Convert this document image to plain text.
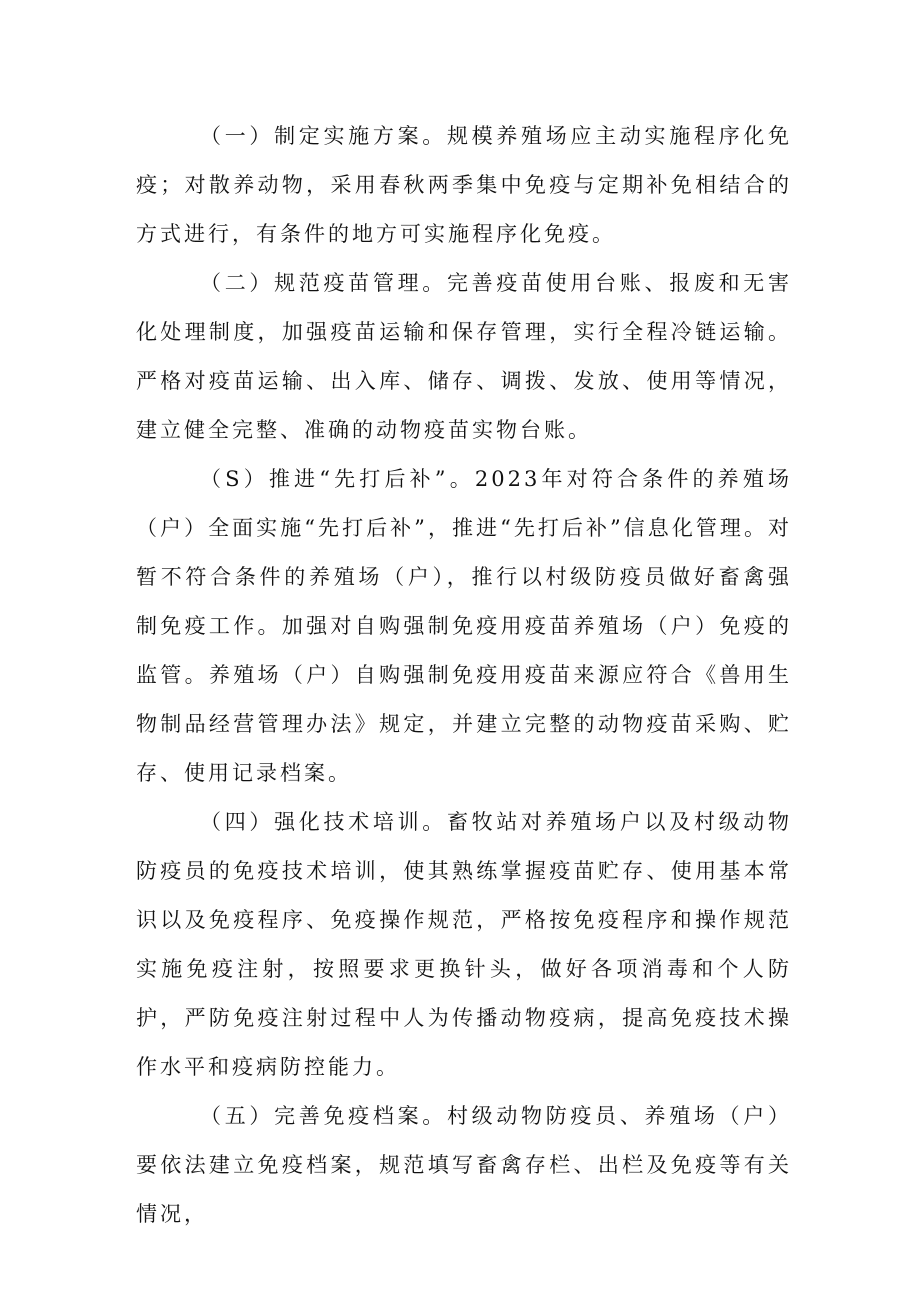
（一）制定实施方案。规模养殖场应主动实施程序化免疫；对散养动物，采用春秋两季集中免疫与定期补免相结合的方式进行，有条件的地方可实施程序化免疫。

（二）规范疫苗管理。完善疫苗使用台账、报废和无害化处理制度，加强疫苗运输和保存管理，实行全程冷链运输。严格对疫苗运输、出入库、储存、调拨、发放、使用等情况，建立健全完整、准确的动物疫苗实物台账。

（S）推进“先打后补”。2023年对符合条件的养殖场（户）全面实施“先打后补”，推进“先打后补”信息化管理。对暂不符合条件的养殖场（户），推行以村级防疫员做好畜禽强制免疫工作。加强对自购强制免疫用疫苗养殖场（户）免疫的监管。养殖场（户）自购强制免疫用疫苗来源应符合《兽用生物制品经营管理办法》规定，并建立完整的动物疫苗采购、贮存、使用记录档案。

（四）强化技术培训。畜牧站对养殖场户以及村级动物防疫员的免疫技术培训，使其熟练掌握疫苗贮存、使用基本常识以及免疫程序、免疫操作规范，严格按免疫程序和操作规范实施免疫注射，按照要求更换针头，做好各项消毒和个人防护，严防免疫注射过程中人为传播动物疫病，提高免疫技术操作水平和疫病防控能力。

（五）完善免疫档案。村级动物防疫员、养殖场（户）要依法建立免疫档案，规范填写畜禽存栏、出栏及免疫等有关情况，
